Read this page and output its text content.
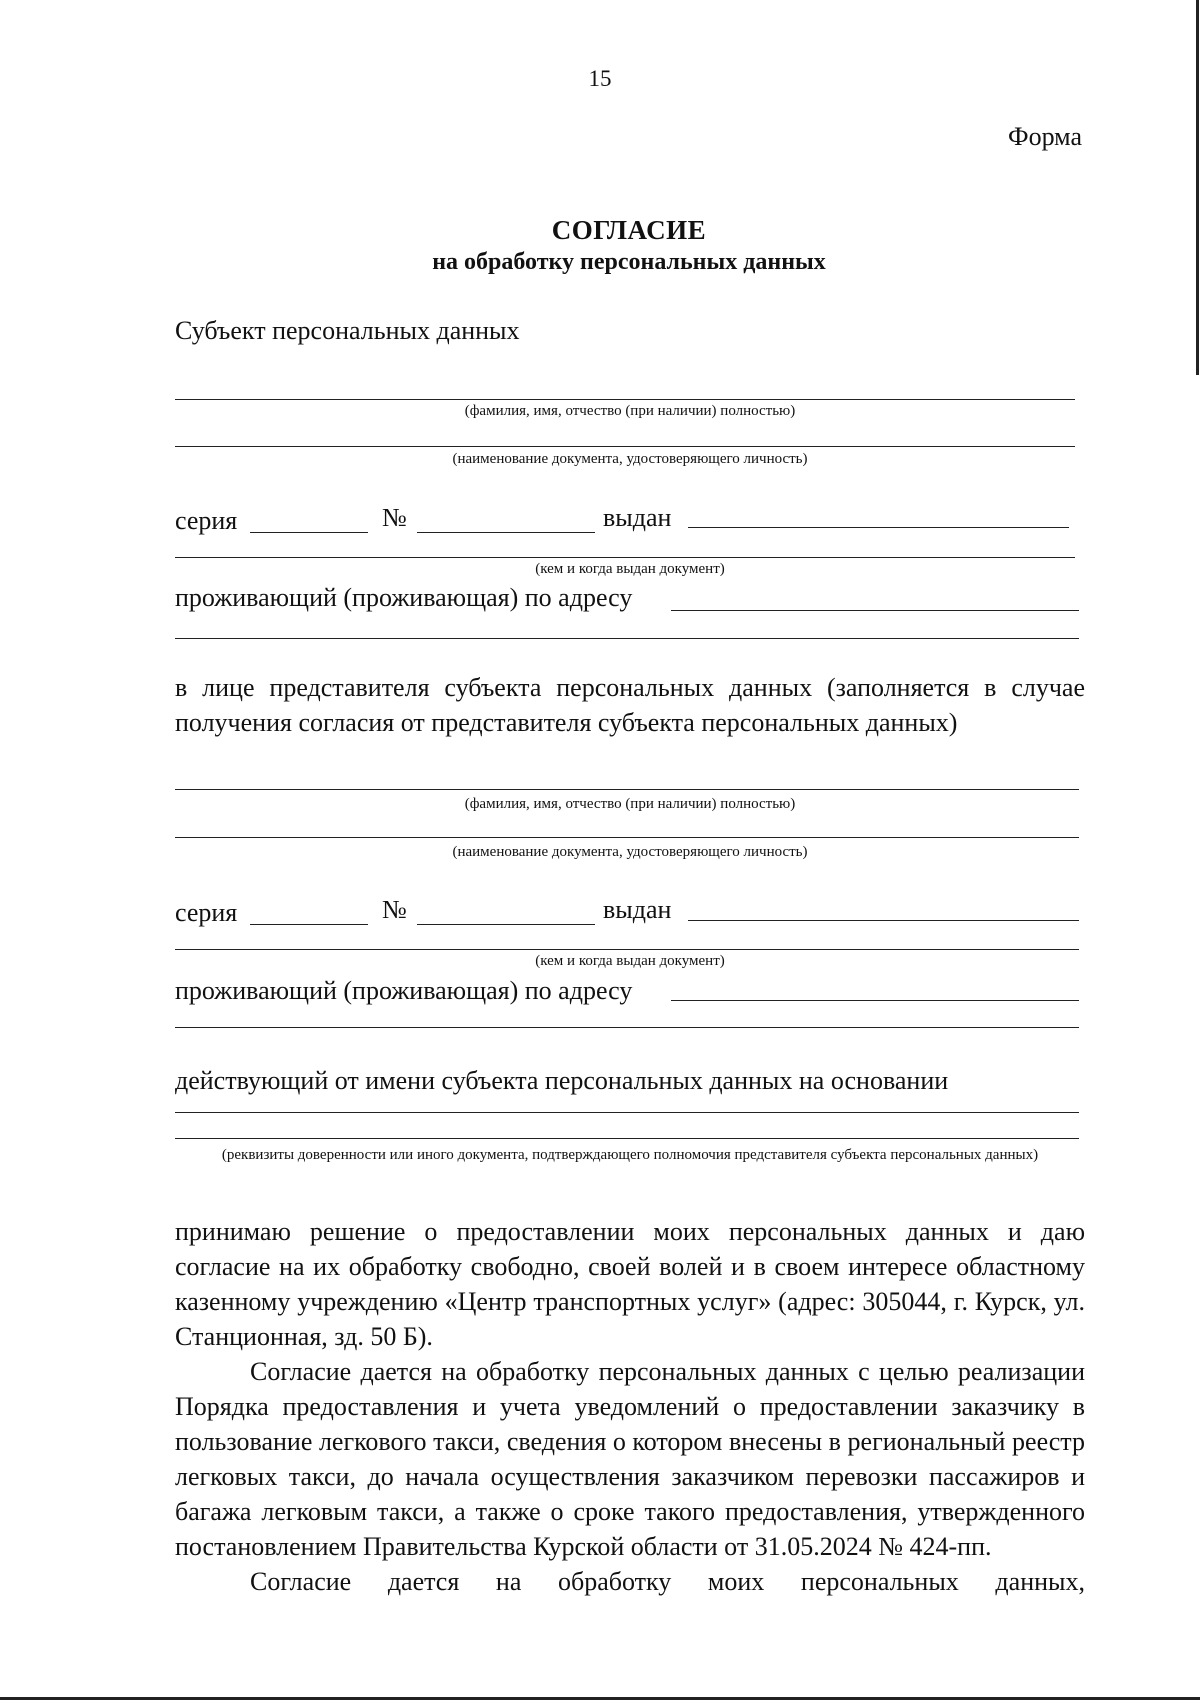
15
Форма
СОГЛАСИЕ
на обработку персональных данных
Субъект персональных данных
(фамилия, имя, отчество (при наличии) полностью)
(наименование документа, удостоверяющего личность)
серия	№	выдан
(кем и когда выдан документ)
проживающий (проживающая) по адресу

в лице представителя субъекта персональных данных (заполняется в случае получения согласия от представителя субъекта персональных данных)

(фамилия, имя, отчество (при наличии) полностью)
(наименование документа, удостоверяющего личность)
серия	№	выдан
(кем и когда выдан документ)
проживающий (проживающая) по адресу
действующий от имени субъекта персональных данных на основании
(реквизиты доверенности или иного документа, подтверждающего полномочия представителя субъекта персональных данных)

принимаю решение о предоставлении моих персональных данных и даю согласие на их обработку свободно, своей волей и в своем интересе областному казенному учреждению «Центр транспортных услуг» (адрес: 305044, г. Курск, ул. Станционная, зд. 50 Б).

Согласие дается на обработку персональных данных с целью реализации Порядка предоставления и учета уведомлений о предоставлении заказчику в пользование легкового такси, сведения о котором внесены в региональный реестр легковых такси, до начала осуществления заказчиком перевозки пассажиров и багажа легковым такси, а также о сроке такого предоставления, утвержденного постановлением Правительства Курской области от 31.05.2024 № 424-пп.

Согласие дается на обработку моих персональных данных,
